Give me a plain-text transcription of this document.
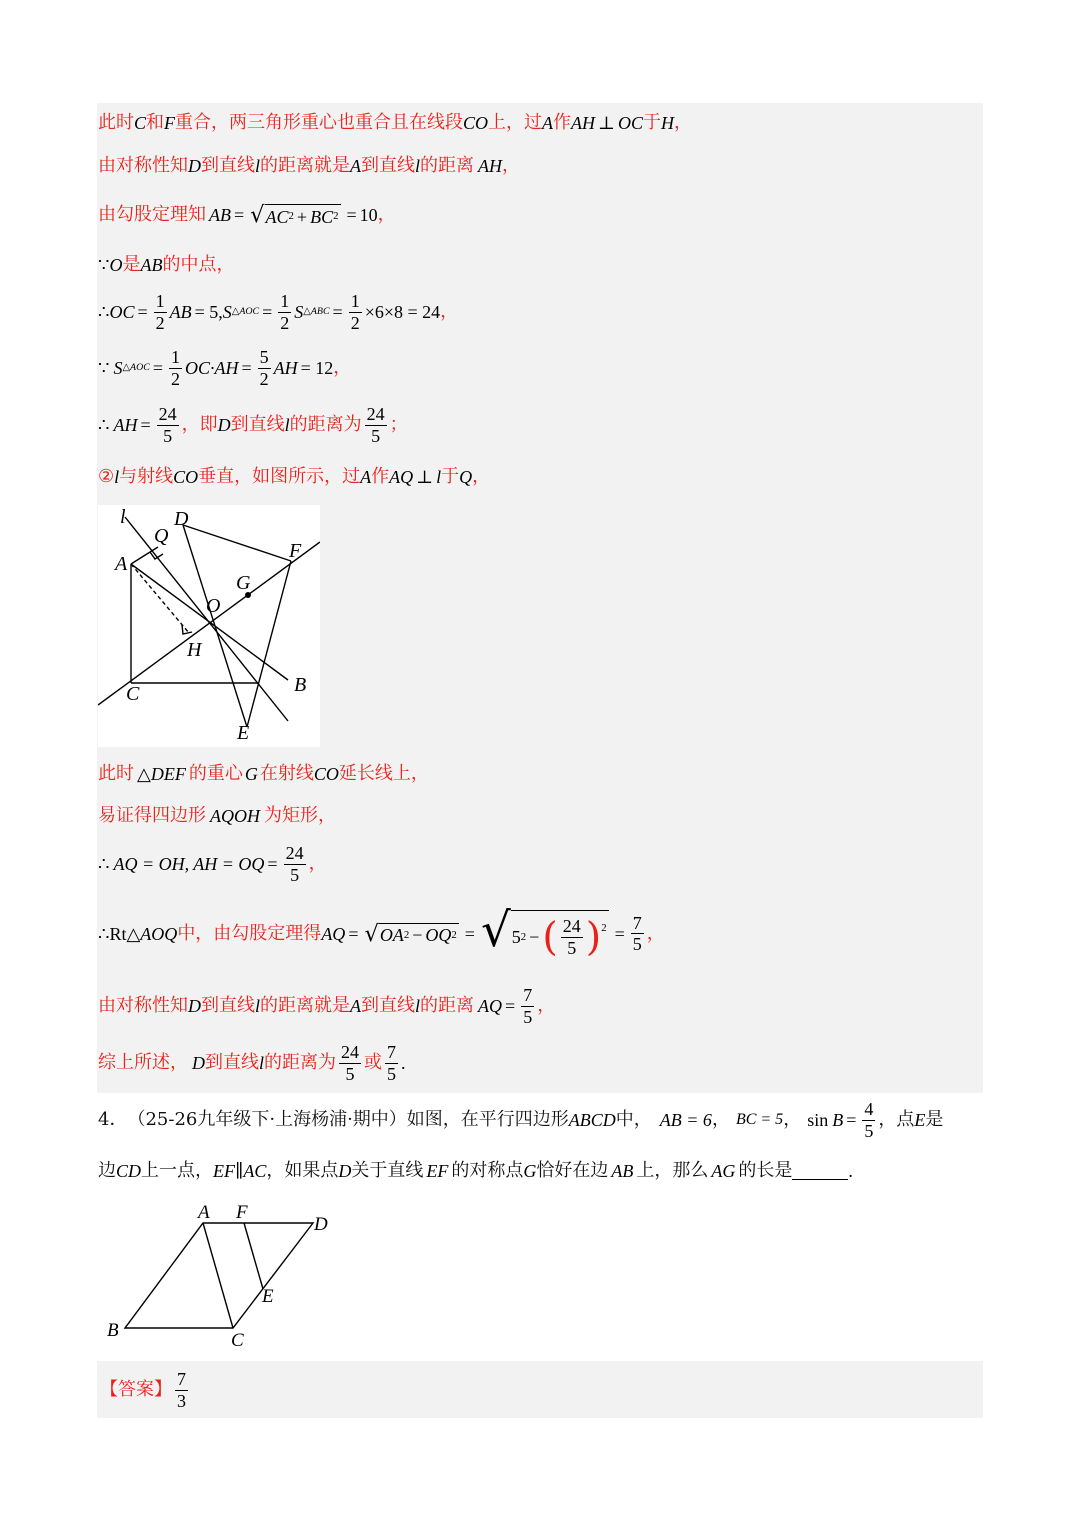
此时 C 和 F 重合，两三角形重心也重合且在线段 CO 上，过 A 作 AH ⊥ OC 于 H ，
由对称性知 D 到直线 l 的距离就是 A 到直线 l 的距离 AH ，
由勾股定理知 AB = √ AC 2 + BC 2 = 10 ，
∵ O 是 AB 的中点，
∴ OC = $\frac{1}{2}$ AB = 5, S △AOC = $\frac{1}{2}$ S △ABC = $\frac{1}{2} \times 6\times 8 = 24$ ，
∵ S △AOC = $\frac{1}{2} OC\cdot AH = \frac{5}{2}$ AH = 12 ，
∴ AH = $\frac{24}{5}$ ，即 D 到直线 l 的距离为 $\frac{24}{5}$ ；
② l 与射线 CO 垂直，如图所示，过 A 作 AQ ⊥ l 于 Q ，
l D
Q
F
A
G
O
H
B
C
E
此时 △DEF 的重心 G 在射线 CO 延长线上，
易证得四边形 AQOH 为矩形，
∴ AQ = OH, AH = OQ = $\frac{24}{5}$ ，
∴ Rt △AOQ 中，由勾股定理得 AQ = √ OA 2 − OQ 2 = √ 5 2 − ( $\frac{24}{5} )^2 = \frac{7}{5}$ ，
由对称性知 D 到直线 l 的距离就是 A 到直线 l 的距离 AQ = $\frac{7}{5}$ ，
综上所述， D 到直线 l 的距离为 $\frac{24}{5}$ 或 $\frac{7}{5}$ .
4． （25-26九年级下·上海杨浦·期中） 如图，在平行四边形 ABCD 中， AB = 6 ， BC = 5 ， $\sin B = \frac{4}{5}$ ，点 E 是
边 CD 上一点， EF∥AC ，如果点 D 关于直线 EF 的对称点 G 恰好在边 AB 上，那么 AG 的长是	.
A F
D
E
B	C
【答案】 $\frac{7}{3}$
